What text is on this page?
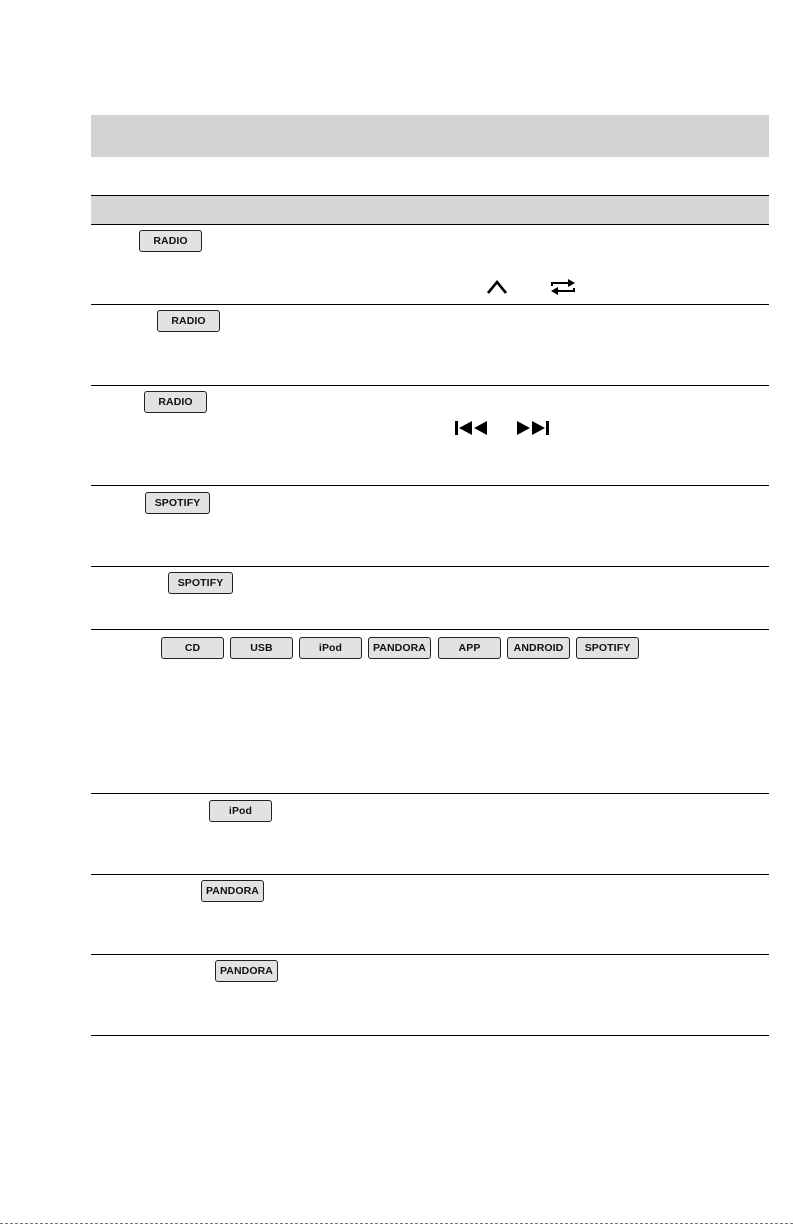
RADIO
RADIO
RADIO
SPOTIFY
SPOTIFY
CD	USB	iPod	PANDORA	APP	ANDROID	SPOTIFY
iPod
PANDORA
PANDORA
